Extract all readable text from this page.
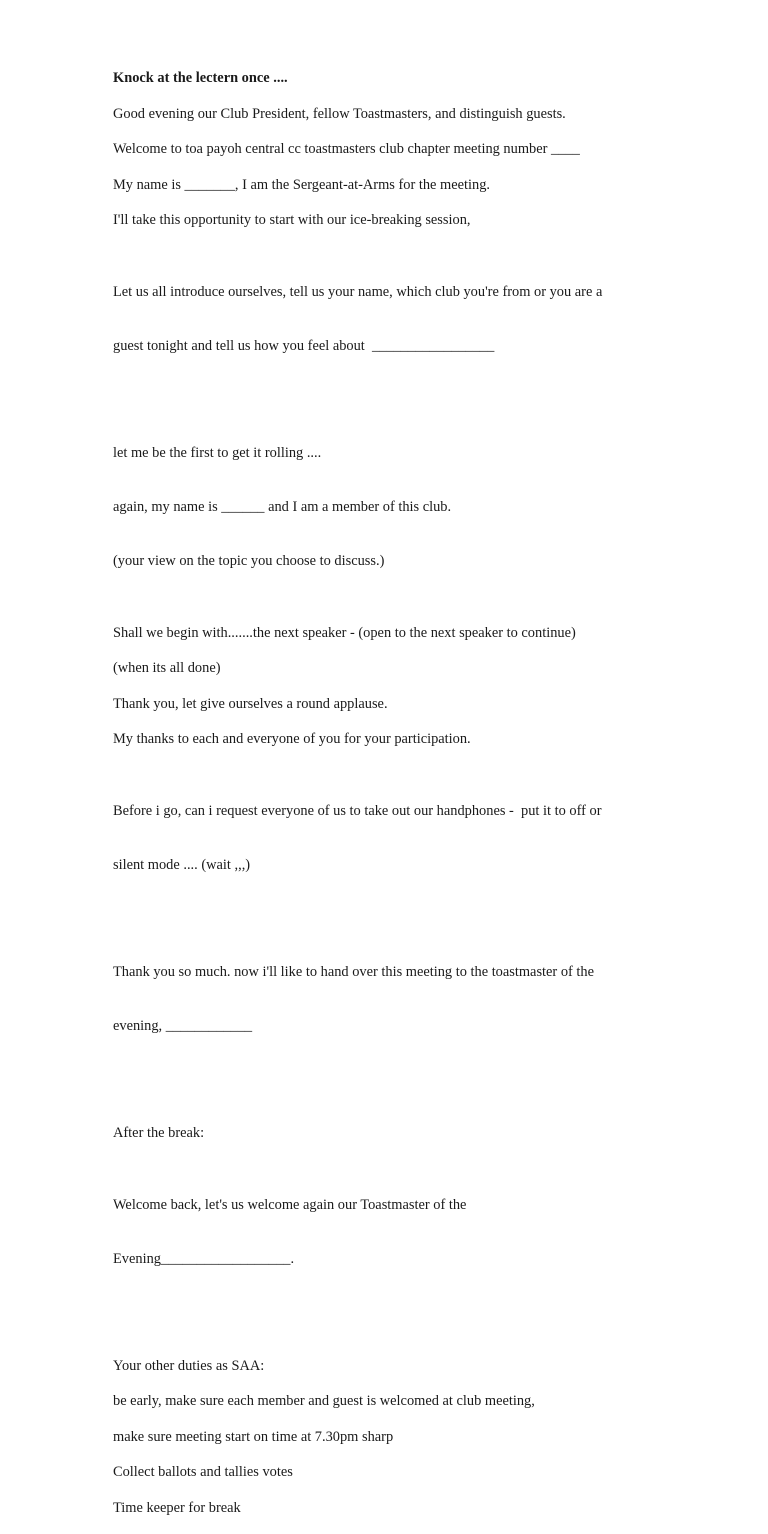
Knock at the lectern once ....

Good evening our Club President, fellow Toastmasters, and distinguish guests.

Welcome to toa payoh central cc toastmasters club chapter meeting number ____

My name is _______, I am the Sergeant-at-Arms for the meeting.

I'll take this opportunity to start with our ice-breaking session,

Let us all introduce ourselves, tell us your name, which club you're from or you are a

guest tonight and tell us how you feel about  _________________

let me be the first to get it rolling ....

again, my name is ______ and I am a member of this club.

(your view on the topic you choose to discuss.)

Shall we begin with.......the next speaker - (open to the next speaker to continue)

(when its all done)

Thank you, let give ourselves a round applause.

My thanks to each and everyone of you for your participation.

Before i go, can i request everyone of us to take out our handphones -  put it to off or

silent mode .... (wait ,,,)

Thank you so much. now i'll like to hand over this meeting to the toastmaster of the

evening, ____________

After the break:

Welcome back, let's us welcome again our Toastmaster of the

Evening__________________.

Your other duties as SAA:

be early, make sure each member and guest is welcomed at club meeting,

make sure meeting start on time at 7.30pm sharp

Collect ballots and tallies votes

Time keeper for break
